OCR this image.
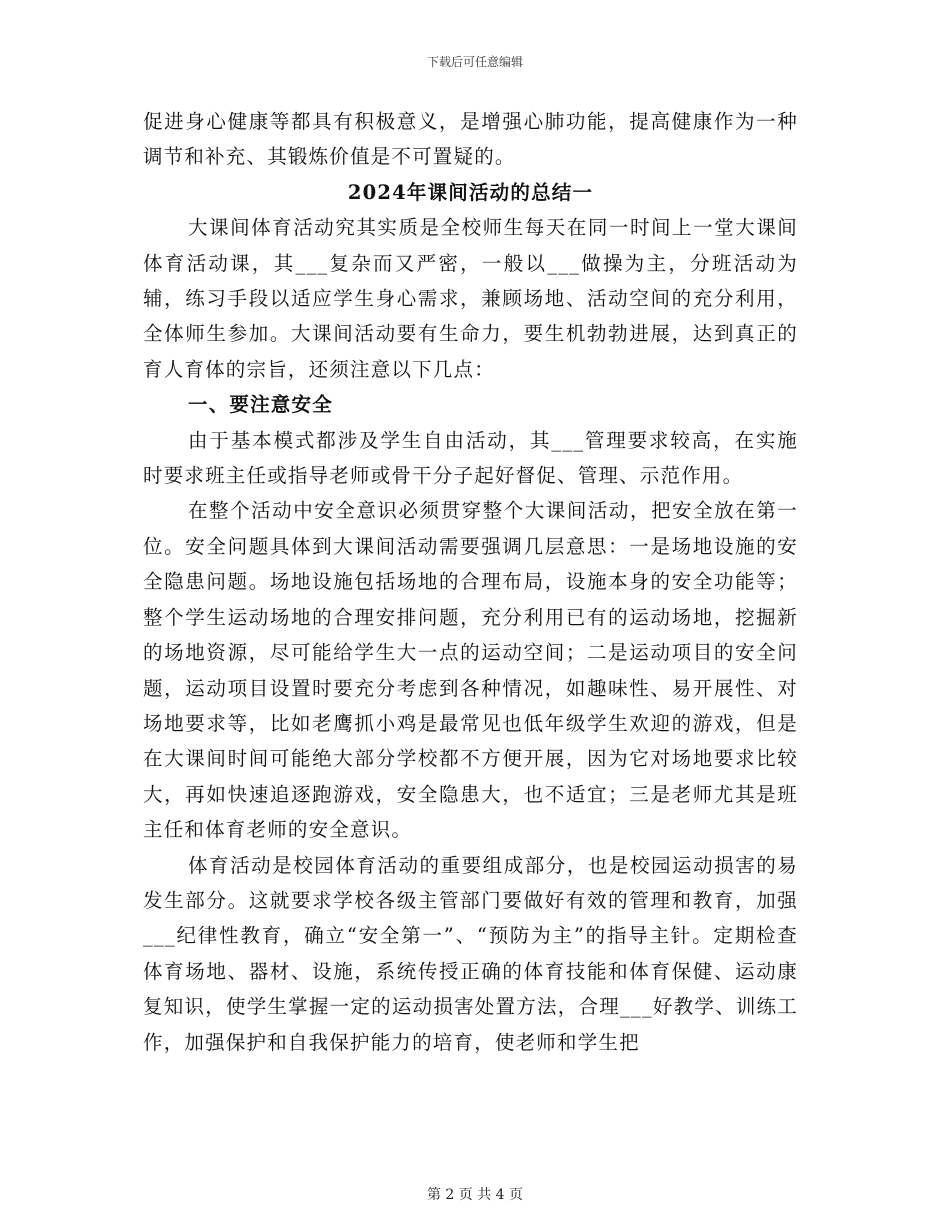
下载后可任意编辑

促进身心健康等都具有积极意义，是增强心肺功能，提高健康作为一种调节和补充、其锻炼价值是不可置疑的。

2024年课间活动的总结一

大课间体育活动究其实质是全校师生每天在同一时间上一堂大课间体育活动课，其___复杂而又严密，一般以___做操为主，分班活动为辅，练习手段以适应学生身心需求，兼顾场地、活动空间的充分利用，全体师生参加。大课间活动要有生命力，要生机勃勃进展，达到真正的育人育体的宗旨，还须注意以下几点：

一、要注意安全

由于基本模式都涉及学生自由活动，其___管理要求较高，在实施时要求班主任或指导老师或骨干分子起好督促、管理、示范作用。

在整个活动中安全意识必须贯穿整个大课间活动，把安全放在第一位。安全问题具体到大课间活动需要强调几层意思：一是场地设施的安全隐患问题。场地设施包括场地的合理布局，设施本身的安全功能等；整个学生运动场地的合理安排问题，充分利用已有的运动场地，挖掘新的场地资源，尽可能给学生大一点的运动空间；二是运动项目的安全问题，运动项目设置时要充分考虑到各种情况，如趣味性、易开展性、对场地要求等，比如老鹰抓小鸡是最常见也低年级学生欢迎的游戏，但是在大课间时间可能绝大部分学校都不方便开展，因为它对场地要求比较大，再如快速追逐跑游戏，安全隐患大，也不适宜；三是老师尤其是班主任和体育老师的安全意识。

体育活动是校园体育活动的重要组成部分，也是校园运动损害的易发生部分。这就要求学校各级主管部门要做好有效的管理和教育，加强___纪律性教育，确立“安全第一”、“预防为主”的指导主针。定期检查体育场地、器材、设施，系统传授正确的体育技能和体育保健、运动康复知识，使学生掌握一定的运动损害处置方法，合理___好教学、训练工作，加强保护和自我保护能力的培育，使老师和学生把

第 2 页 共 4 页
